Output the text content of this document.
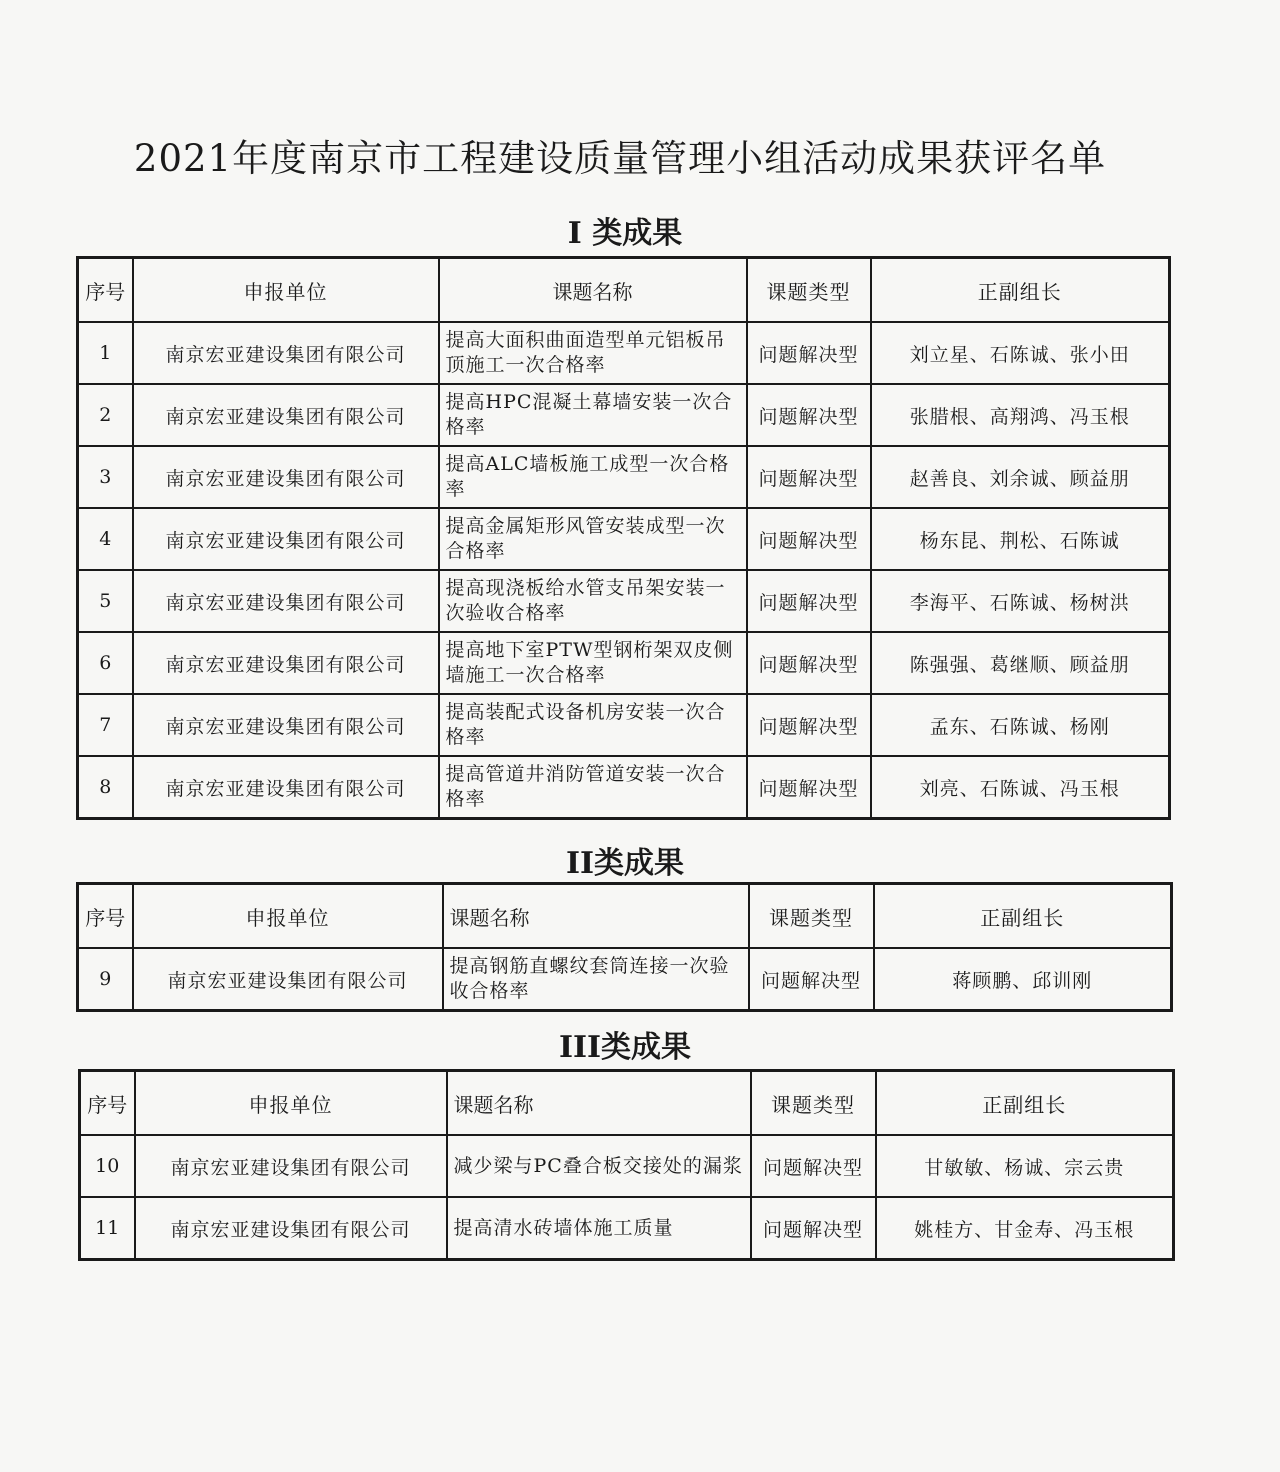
2021年度南京市工程建设质量管理小组活动成果获评名单
I 类成果
序号	申报单位	课题名称	课题类型	正副组长
1	南京宏亚建设集团有限公司	提高大面积曲面造型单元铝板吊顶施工一次合格率	问题解决型	刘立星、石陈诚、张小田
2	南京宏亚建设集团有限公司	提高HPC混凝土幕墙安装一次合格率	问题解决型	张腊根、高翔鸿、冯玉根
3	南京宏亚建设集团有限公司	提高ALC墙板施工成型一次合格率	问题解决型	赵善良、刘余诚、顾益朋
4	南京宏亚建设集团有限公司	提高金属矩形风管安装成型一次合格率	问题解决型	杨东昆、荆松、石陈诚
5	南京宏亚建设集团有限公司	提高现浇板给水管支吊架安装一次验收合格率	问题解决型	李海平、石陈诚、杨树洪
6	南京宏亚建设集团有限公司	提高地下室PTW型钢桁架双皮侧墙施工一次合格率	问题解决型	陈强强、葛继顺、顾益朋
7	南京宏亚建设集团有限公司	提高装配式设备机房安装一次合格率	问题解决型	孟东、石陈诚、杨刚
8	南京宏亚建设集团有限公司	提高管道井消防管道安装一次合格率	问题解决型	刘亮、石陈诚、冯玉根
II类成果
序号	申报单位	课题名称	课题类型	正副组长
9	南京宏亚建设集团有限公司	提高钢筋直螺纹套筒连接一次验收合格率	问题解决型	蒋顾鹏、邱训刚
III类成果
序号	申报单位	课题名称	课题类型	正副组长
10	南京宏亚建设集团有限公司	减少梁与PC叠合板交接处的漏浆	问题解决型	甘敏敏、杨诚、宗云贵
11	南京宏亚建设集团有限公司	提高清水砖墙体施工质量	问题解决型	姚桂方、甘金寿、冯玉根
